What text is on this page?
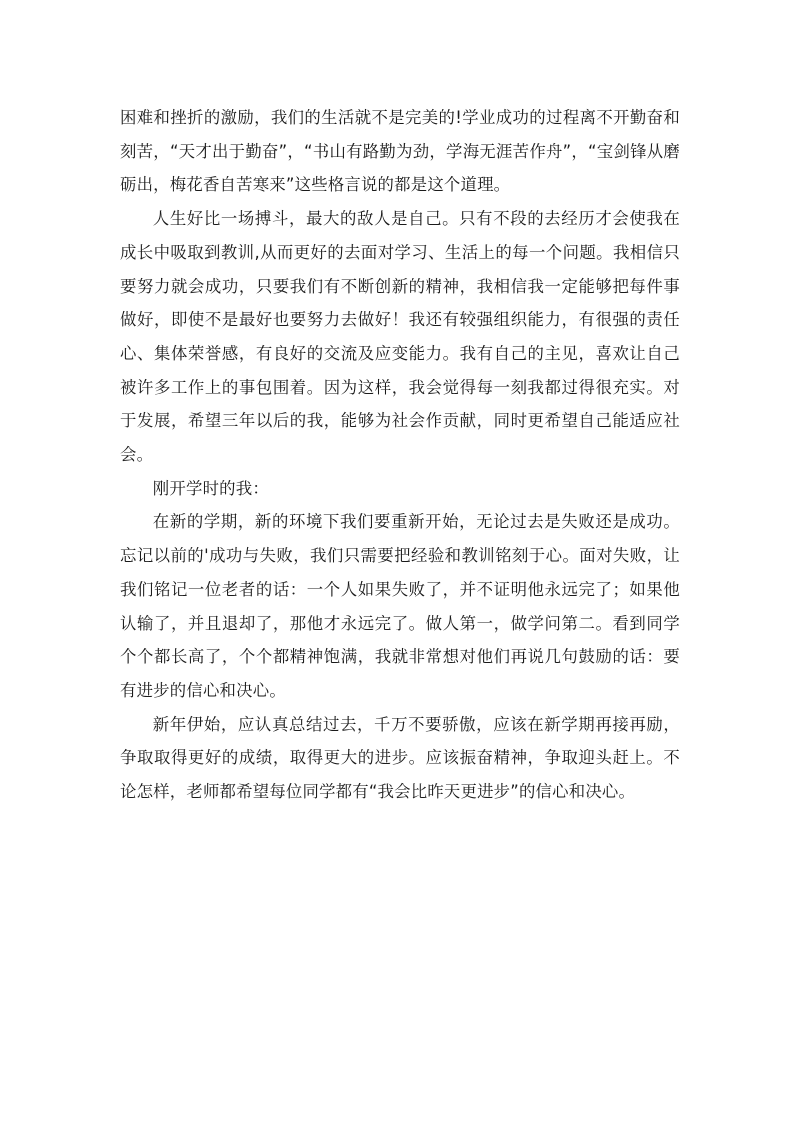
困难和挫折的激励，我们的生活就不是完美的!学业成功的过程离不开勤奋和刻苦，“天才出于勤奋”，“书山有路勤为劲，学海无涯苦作舟”，“宝剑锋从磨砺出，梅花香自苦寒来”这些格言说的都是这个道理。

人生好比一场搏斗，最大的敌人是自己。只有不段的去经历才会使我在成长中吸取到教训,从而更好的去面对学习、生活上的每一个问题。我相信只要努力就会成功，只要我们有不断创新的精神，我相信我一定能够把每件事做好，即使不是最好也要努力去做好！我还有较强组织能力，有很强的责任心、集体荣誉感，有良好的交流及应变能力。我有自己的主见，喜欢让自己被许多工作上的事包围着。因为这样，我会觉得每一刻我都过得很充实。对于发展，希望三年以后的我，能够为社会作贡献，同时更希望自己能适应社会。

刚开学时的我：

在新的学期，新的环境下我们要重新开始，无论过去是失败还是成功。忘记以前的'成功与失败，我们只需要把经验和教训铭刻于心。面对失败，让我们铭记一位老者的话：一个人如果失败了，并不证明他永远完了；如果他认输了，并且退却了，那他才永远完了。做人第一，做学问第二。看到同学个个都长高了，个个都精神饱满，我就非常想对他们再说几句鼓励的话：要有进步的信心和决心。

新年伊始，应认真总结过去，千万不要骄傲，应该在新学期再接再励，争取取得更好的成绩，取得更大的进步。应该振奋精神，争取迎头赶上。不论怎样，老师都希望每位同学都有“我会比昨天更进步”的信心和决心。
